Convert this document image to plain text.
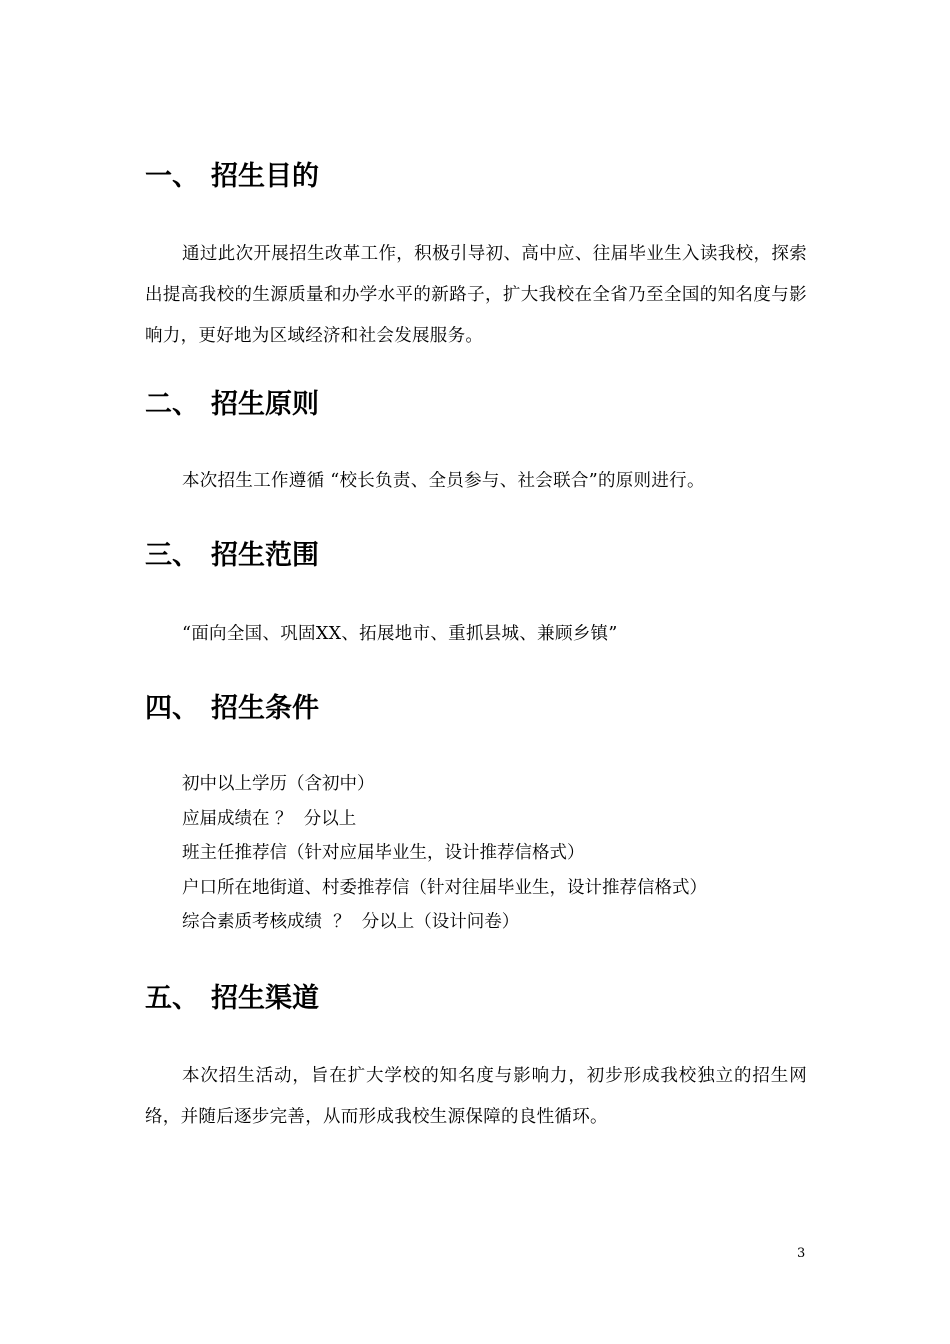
一、 招生目的
通过此次开展招生改革工作，积极引导初、高中应、往届毕业生入读我校，探索出提高我校的生源质量和办学水平的新路子，扩大我校在全省乃至全国的知名度与影响力，更好地为区域经济和社会发展服务。
二、 招生原则
本次招生工作遵循 “校长负责、全员参与、社会联合”的原则进行。
三、 招生范围
“面向全国、巩固XX、拓展地市、重抓县城、兼顾乡镇”
四、 招生条件
初中以上学历（含初中）
应届成绩在 ？  分以上
班主任推荐信（针对应届毕业生，设计推荐信格式）
户口所在地街道、村委推荐信（针对往届毕业生，设计推荐信格式）
综合素质考核成绩  ？  分以上（设计问卷）
五、 招生渠道
本次招生活动，旨在扩大学校的知名度与影响力，初步形成我校独立的招生网络，并随后逐步完善，从而形成我校生源保障的良性循环。
3
